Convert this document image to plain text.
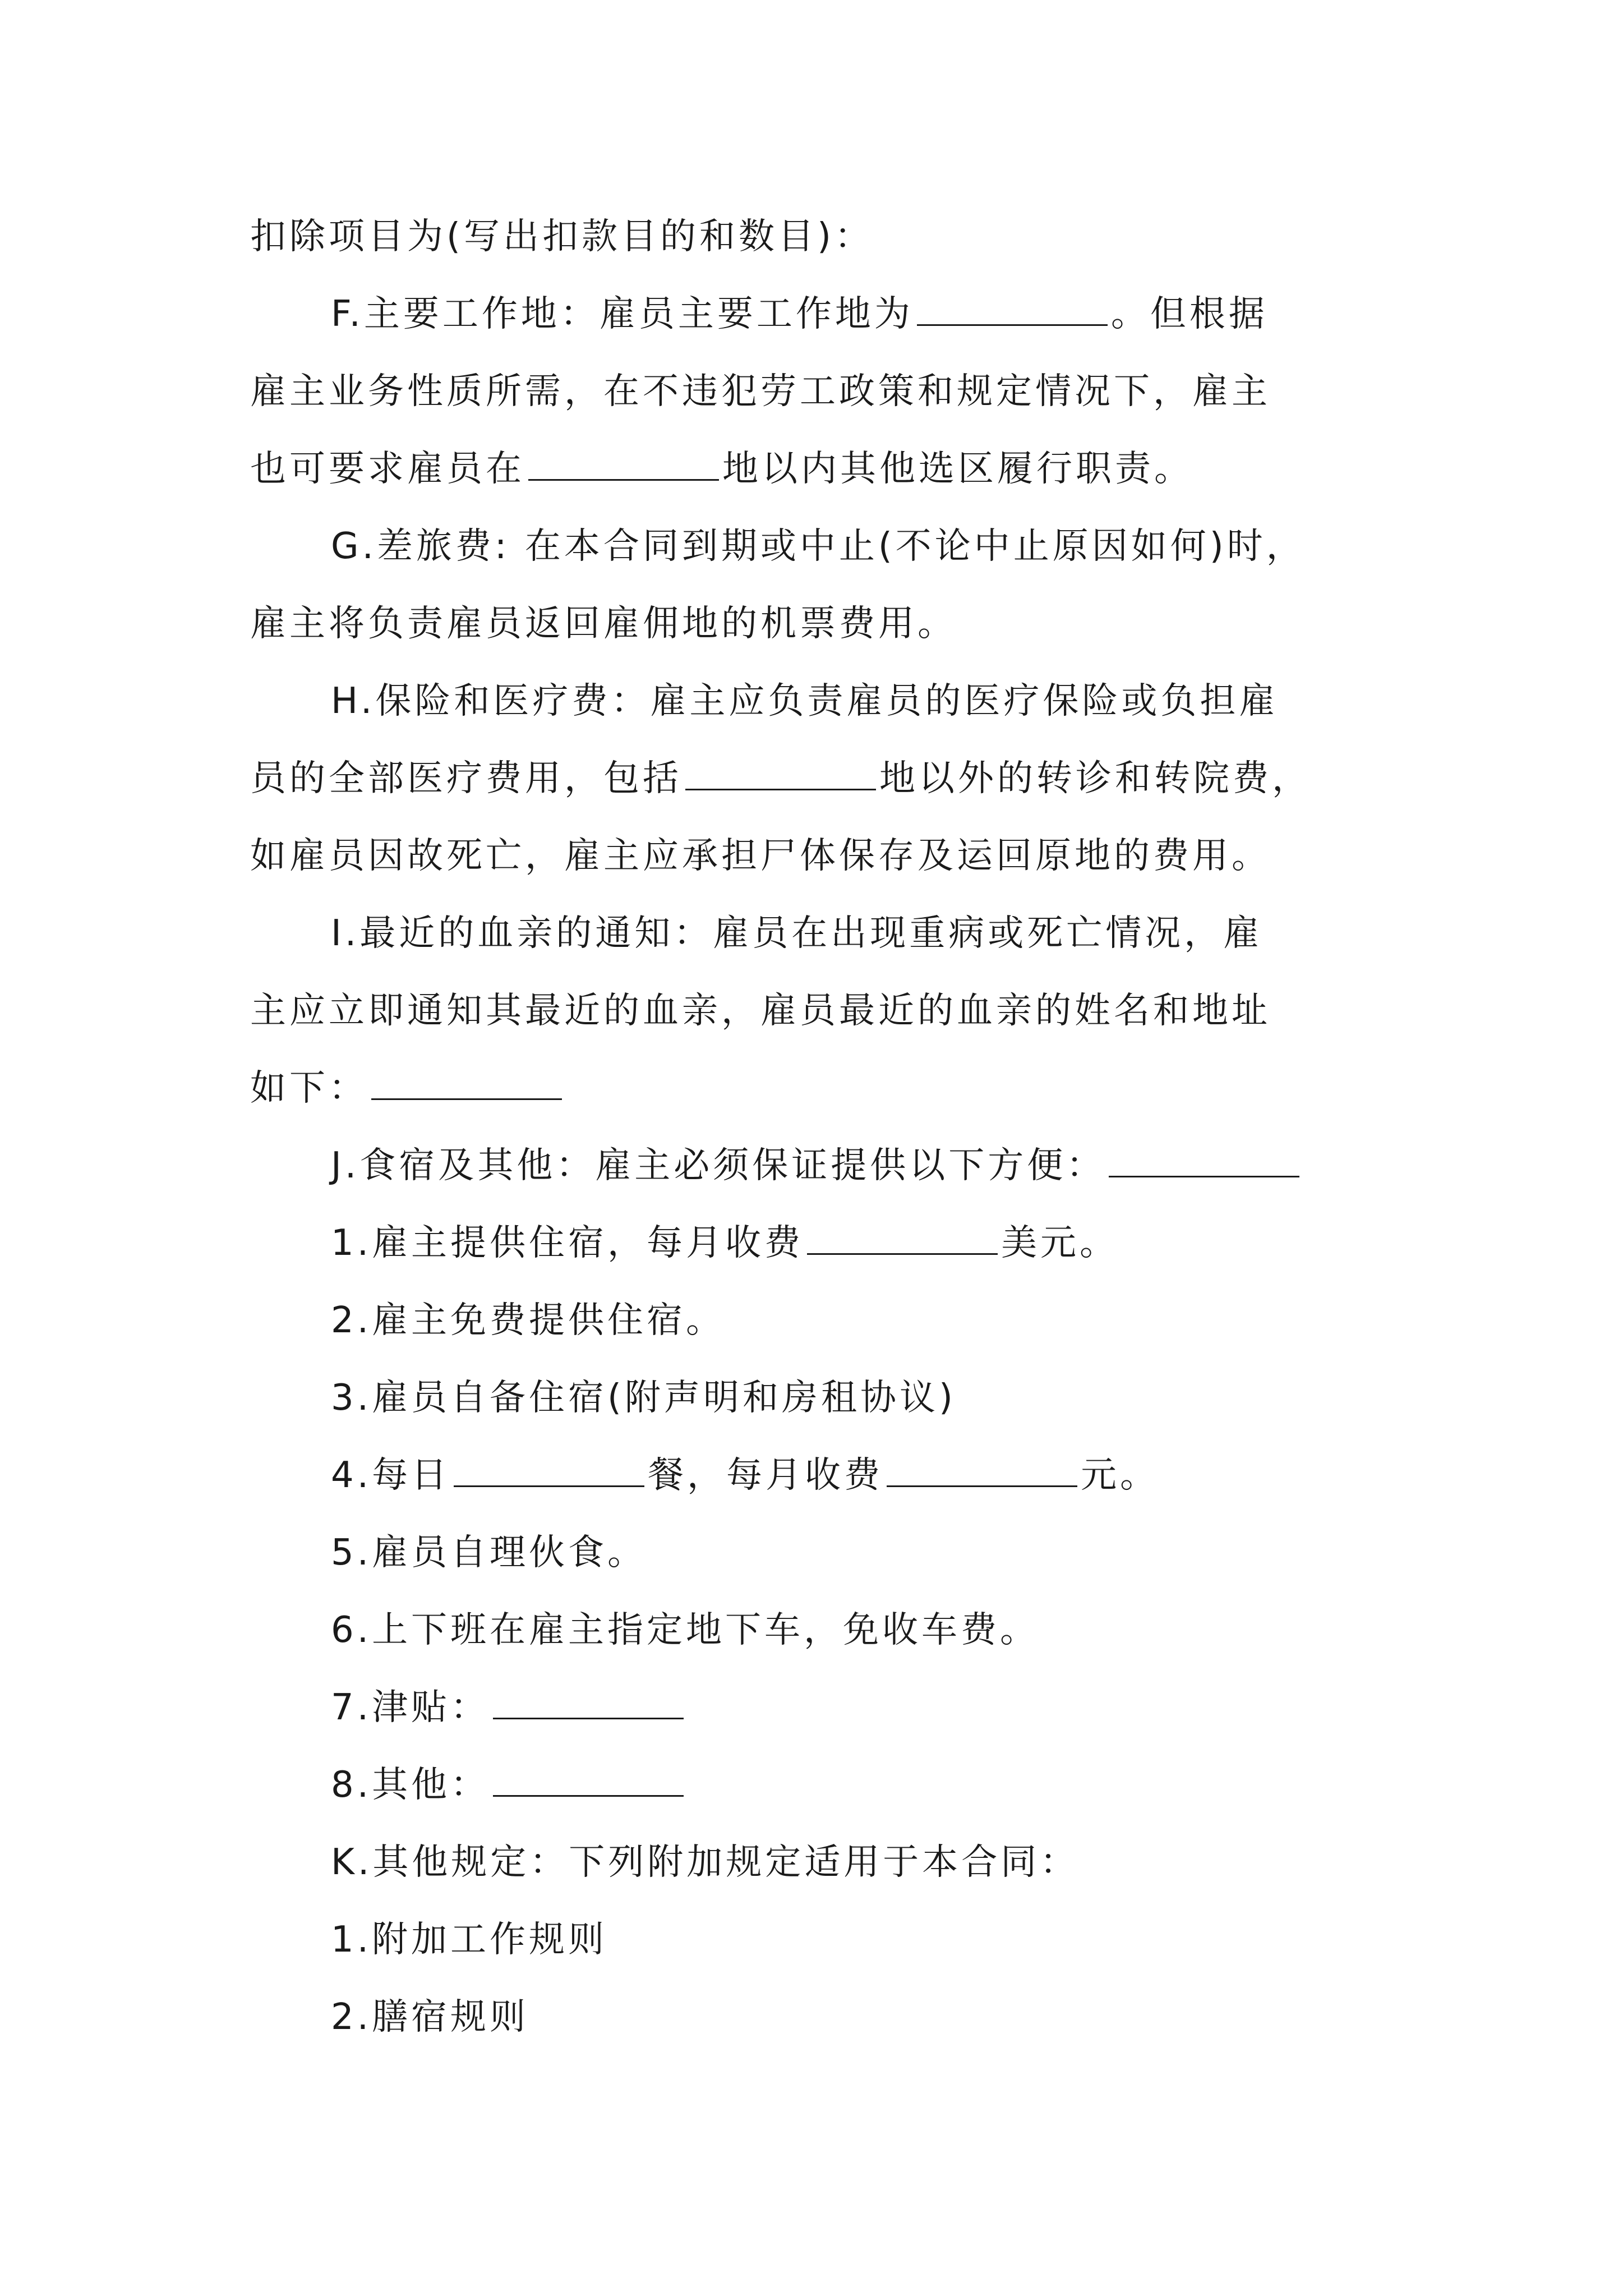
扣除项目为(写出扣款目的和数目)：
F.主要工作地：雇员主要工作地为	。但根据
雇主业务性质所需，在不违犯劳工政策和规定情况下，雇主
也可要求雇员在	地以内其他选区履行职责。
G.差旅费: 在本合同到期或中止(不论中止原因如何)时，
雇主将负责雇员返回雇佣地的机票费用。
H.保险和医疗费：雇主应负责雇员的医疗保险或负担雇
员的全部医疗费用，包括	地以外的转诊和转院费，
如雇员因故死亡，雇主应承担尸体保存及运回原地的费用。
I.最近的血亲的通知：雇员在出现重病或死亡情况，雇
主应立即通知其最近的血亲，雇员最近的血亲的姓名和地址
如下：
J.食宿及其他：雇主必须保证提供以下方便：
1.雇主提供住宿，每月收费	美元。
2.雇主免费提供住宿。
3.雇员自备住宿(附声明和房租协议)
4.每日	餐，每月收费	元。
5.雇员自理伙食。
6.上下班在雇主指定地下车，免收车费。
7.津贴：
8.其他：
K.其他规定：下列附加规定适用于本合同：
1.附加工作规则
2.膳宿规则
